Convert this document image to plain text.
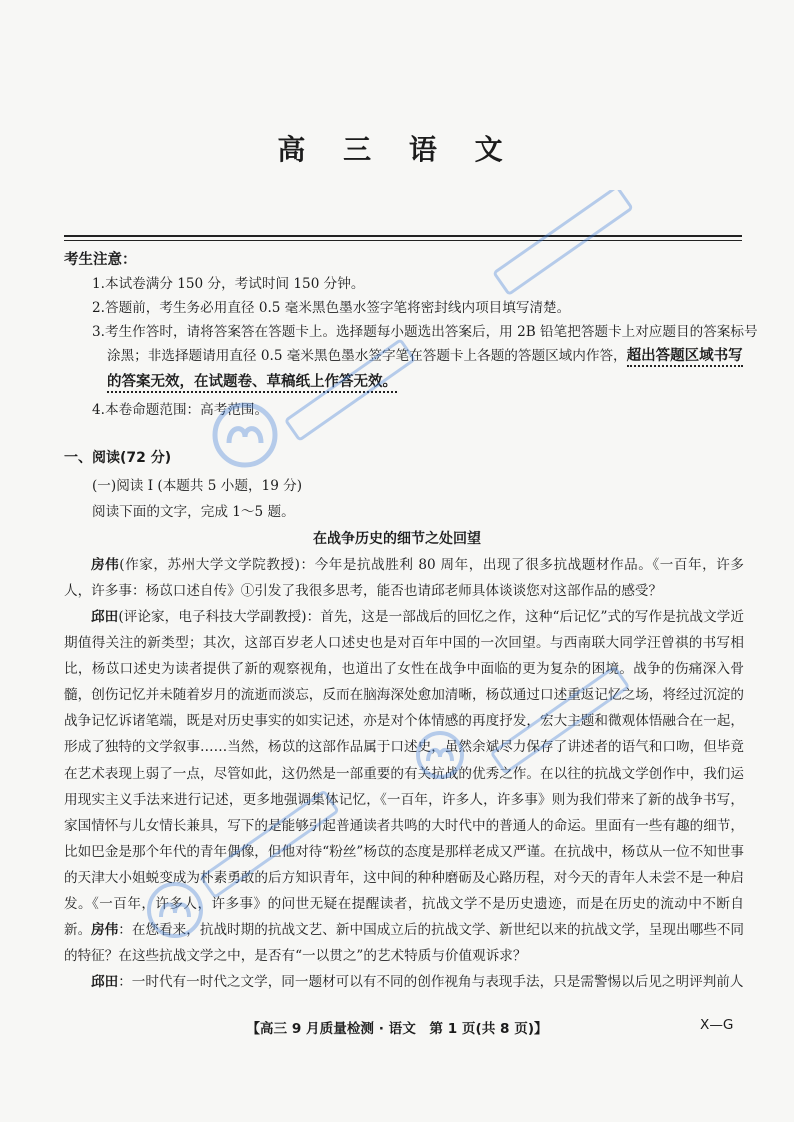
高 三 语 文
考生注意：
1.本试卷满分 150 分，考试时间 150 分钟。
2.答题前，考生务必用直径 0.5 毫米黑色墨水签字笔将密封线内项目填写清楚。
3.考生作答时，请将答案答在答题卡上。选择题每小题选出答案后，用 2B 铅笔把答题卡上对应题目的答案标号
涂黑；非选择题请用直径 0.5 毫米黑色墨水签字笔在答题卡上各题的答题区域内作答，超出答题区域书写
的答案无效，在试题卷、草稿纸上作答无效。
4.本卷命题范围：高考范围。
一、阅读(72 分)
(一)阅读 I (本题共 5 小题，19 分)
阅读下面的文字，完成 1～5 题。
在战争历史的细节之处回望

房伟(作家，苏州大学文学院教授)：今年是抗战胜利 80 周年，出现了很多抗战题材作品。《一百年，许多人，许多事：杨苡口述自传》①引发了我很多思考，能否也请邱老师具体谈谈您对这部作品的感受？

邱田(评论家，电子科技大学副教授)：首先，这是一部战后的回忆之作，这种“后记忆”式的写作是抗战文学近期值得关注的新类型；其次，这部百岁老人口述史也是对百年中国的一次回望。与西南联大同学汪曾祺的书写相比，杨苡口述史为读者提供了新的观察视角，也道出了女性在战争中面临的更为复杂的困境。战争的伤痛深入骨髓，创伤记忆并未随着岁月的流逝而淡忘，反而在脑海深处愈加清晰，杨苡通过口述重返记忆之场，将经过沉淀的战争记忆诉诸笔端，既是对历史事实的如实记述，亦是对个体情感的再度抒发，宏大主题和微观体悟融合在一起，形成了独特的文学叙事……当然，杨苡的这部作品属于口述史，虽然余斌尽力保存了讲述者的语气和口吻，但毕竟在艺术表现上弱了一点，尽管如此，这仍然是一部重要的有关抗战的优秀之作。在以往的抗战文学创作中，我们运用现实主义手法来进行记述，更多地强调集体记忆，《一百年，许多人，许多事》则为我们带来了新的战争书写，家国情怀与儿女情长兼具，写下的是能够引起普通读者共鸣的大时代中的普通人的命运。里面有一些有趣的细节，比如巴金是那个年代的青年偶像，但他对待“粉丝”杨苡的态度是那样老成又严谨。在抗战中，杨苡从一位不知世事的天津大小姐蜕变成为朴素勇敢的后方知识青年，这中间的种种磨砺及心路历程，对今天的青年人未尝不是一种启发。《一百年，许多人，许多事》的问世无疑在提醒读者，抗战文学不是历史遗迹，而是在历史的流动中不断自新。 房伟：在您看来，抗战时期的抗战文艺、新中国成立后的抗战文学、新世纪以来的抗战文学，呈现出哪些不同的特征？在这些抗战文学之中，是否有“一以贯之”的艺术特质与价值观诉求？

邱田：一时代有一时代之文学，同一题材可以有不同的创作视角与表现手法，只是需警惕以后见之明评判前人

【高三 9 月质量检测 · 语文　第 1 页(共 8 页)】	X—G
